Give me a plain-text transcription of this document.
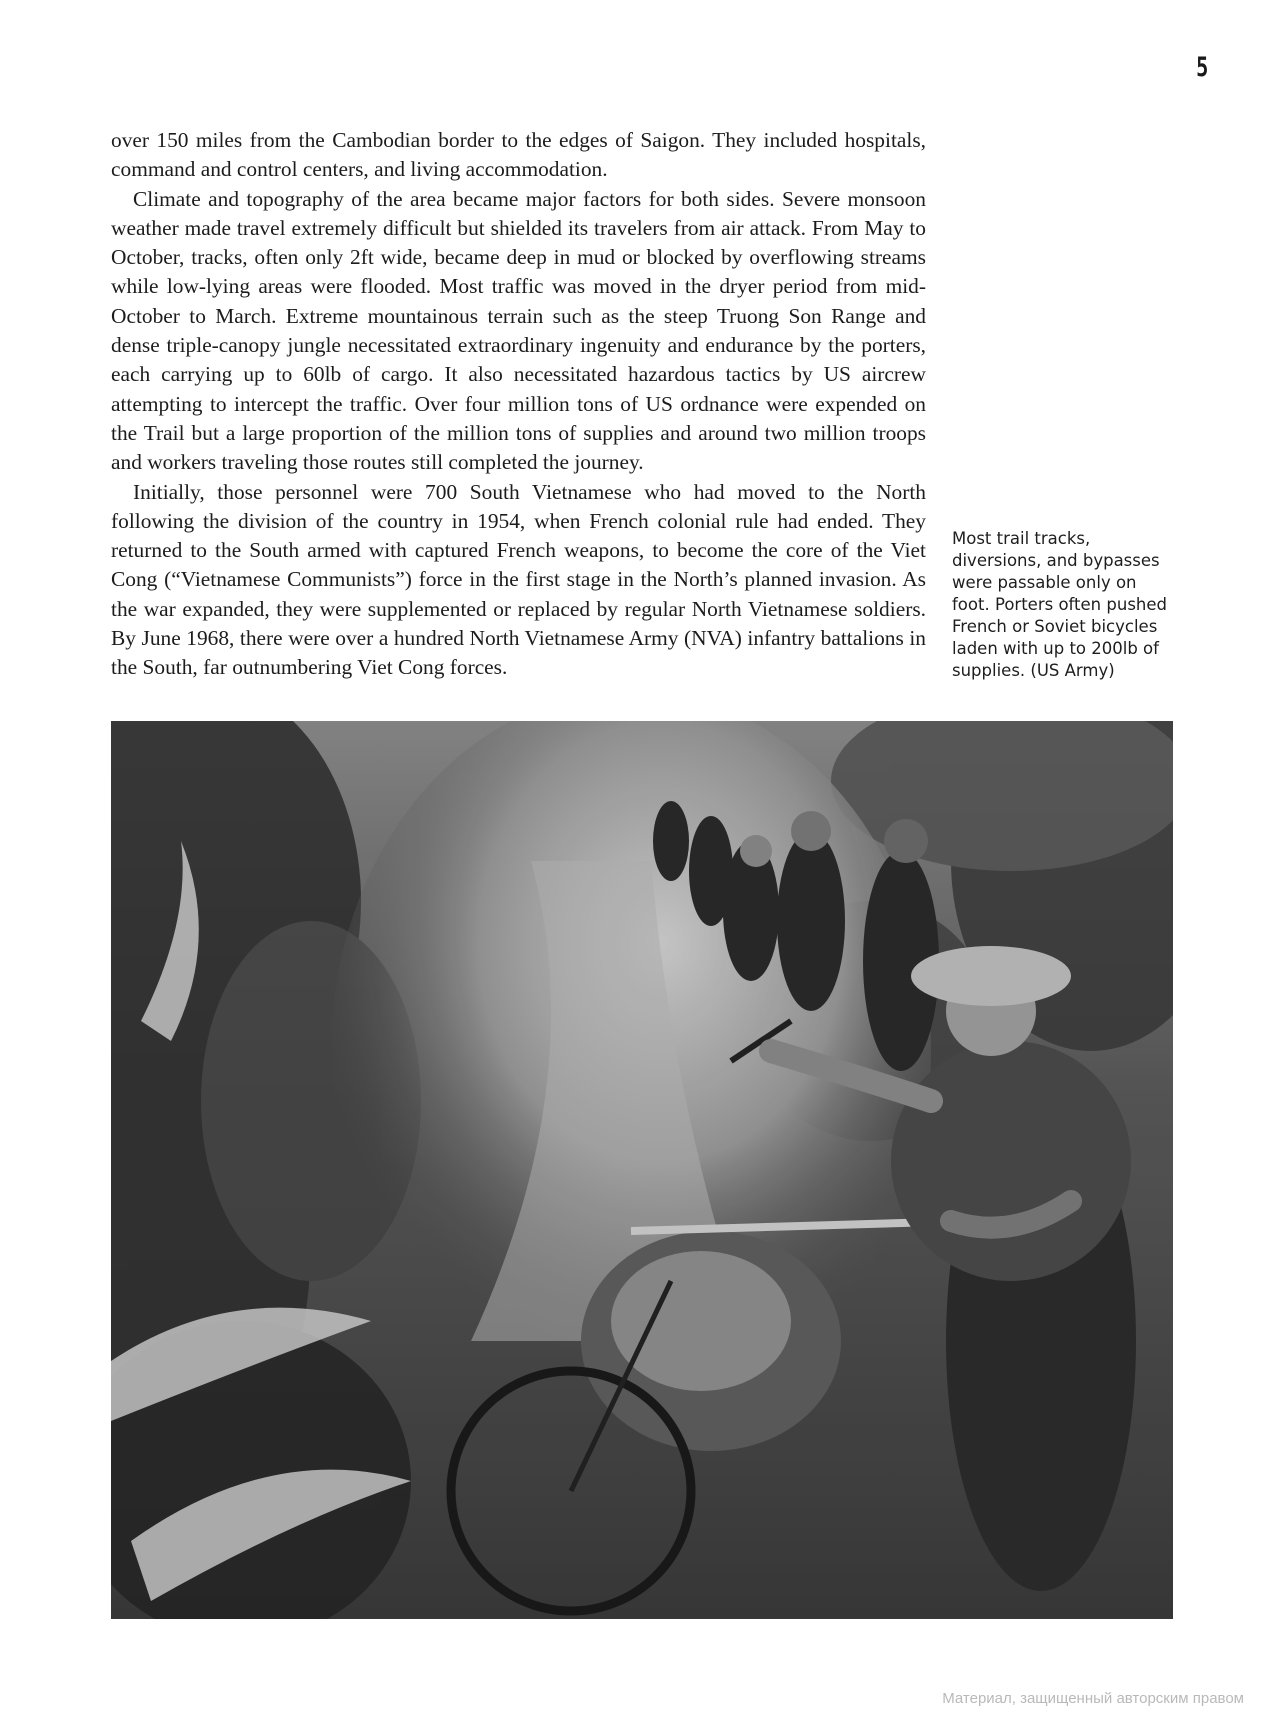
5

over 150 miles from the Cambodian border to the edges of Saigon. They included hospitals, command and control centers, and living accommodation.

Climate and topography of the area became major factors for both sides. Severe monsoon weather made travel extremely difficult but shielded its travelers from air attack. From May to October, tracks, often only 2ft wide, became deep in mud or blocked by overflowing streams while low-lying areas were flooded. Most traffic was moved in the dryer period from mid-October to March. Extreme mountainous terrain such as the steep Truong Son Range and dense triple-canopy jungle necessitated extraordinary ingenuity and endurance by the porters, each carrying up to 60lb of cargo. It also necessitated hazardous tactics by US aircrew attempting to intercept the traffic. Over four million tons of US ordnance were expended on the Trail but a large proportion of the million tons of supplies and around two million troops and workers traveling those routes still completed the journey.

Initially, those personnel were 700 South Vietnamese who had moved to the North following the division of the country in 1954, when French colonial rule had ended. They returned to the South armed with captured French weapons, to become the core of the Viet Cong (“Vietnamese Communists”) force in the first stage in the North’s planned invasion. As the war expanded, they were supplemented or replaced by regular North Vietnamese soldiers. By June 1968, there were over a hundred North Vietnamese Army (NVA) infantry battalions in the South, far outnumbering Viet Cong forces.

Most trail tracks, diversions, and bypasses were passable only on foot. Porters often pushed French or Soviet bicycles laden with up to 200lb of supplies. (US Army)
Материал, защищенный авторским правом
